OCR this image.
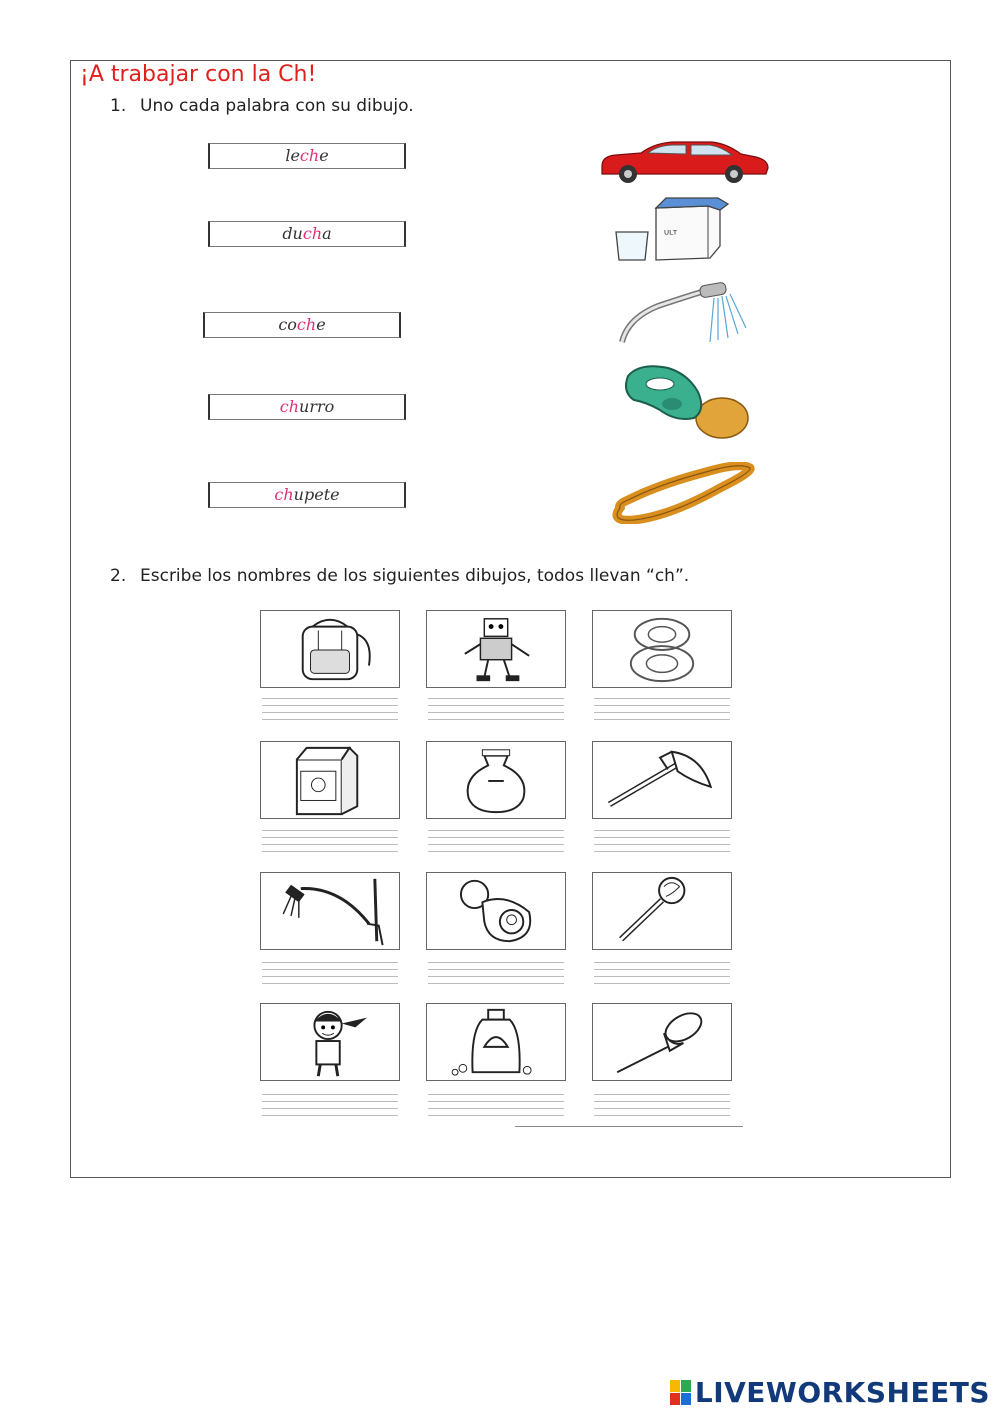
¡A trabajar con la Ch!
1. Uno cada palabra con su dibujo.
leche
ducha
coche
churro
chupete
ᵁᴸᵀ
2. Escribe los nombres de los siguientes dibujos, todos llevan “ch”.
LIVEWORKSHEETS
